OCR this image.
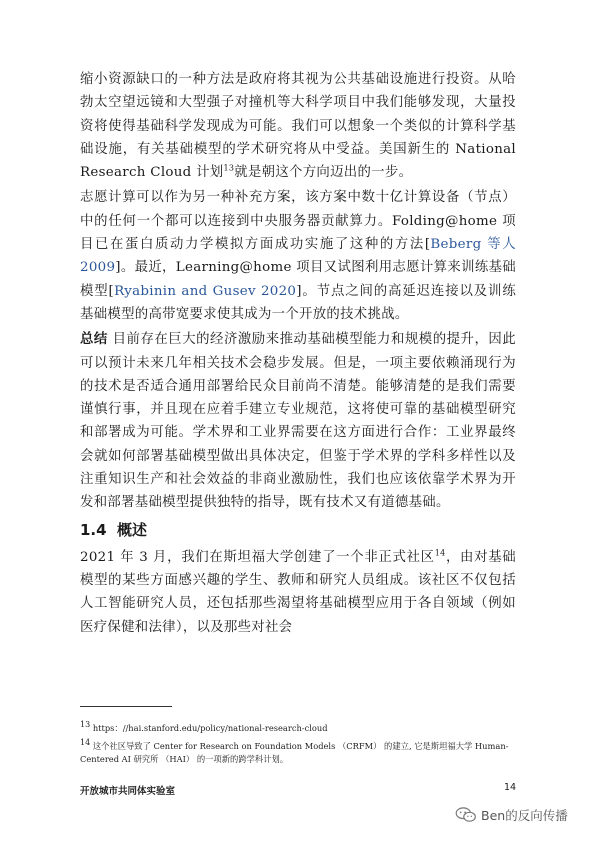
缩小资源缺口的一种方法是政府将其视为公共基础设施进行投资。从哈勃太空望远镜和大型强子对撞机等大科学项目中我们能够发现，大量投资将使得基础科学发现成为可能。我们可以想象一个类似的计算科学基础设施，有关基础模型的学术研究将从中受益。美国新生的 National Research Cloud 计划$^{13}$就是朝这个方向迈出的一步。

志愿计算可以作为另一种补充方案，该方案中数十亿计算设备（节点）中的任何一个都可以连接到中央服务器贡献算力。Folding@home 项目已在蛋白质动力学模拟方面成功实施了这种的方法[Beberg 等人 2009]。最近，Learning@home 项目又试图利用志愿计算来训练基础模型[Ryabinin and Gusev 2020]。节点之间的高延迟连接以及训练基础模型的高带宽要求使其成为一个开放的技术挑战。

总结 目前存在巨大的经济激励来推动基础模型能力和规模的提升，因此可以预计未来几年相关技术会稳步发展。但是，一项主要依赖涌现行为的技术是否适合通用部署给民众目前尚不清楚。能够清楚的是我们需要谨慎行事，并且现在应着手建立专业规范，这将使可靠的基础模型研究和部署成为可能。学术界和工业界需要在这方面进行合作：工业界最终会就如何部署基础模型做出具体决定，但鉴于学术界的学科多样性以及注重知识生产和社会效益的非商业激励性，我们也应该依靠学术界为开发和部署基础模型提供独特的指导，既有技术又有道德基础。

1.4 概述

2021 年 3 月，我们在斯坦福大学创建了一个非正式社区$^{14}$，由对基础模型的某些方面感兴趣的学生、教师和研究人员组成。该社区不仅包括人工智能研究人员，还包括那些渴望将基础模型应用于各自领域（例如医疗保健和法律），以及那些对社会

$^{13}$ https：//hai.stanford.edu/policy/national-research-cloud
$^{14}$ 这个社区导致了 Center for Research on Foundation Models （CRFM） 的建立, 它是斯坦福大学 Human-Centered AI 研究所 （HAI） 的一项新的跨学科计划。
开放城市共同体实验室	14
Ben的反向传播
